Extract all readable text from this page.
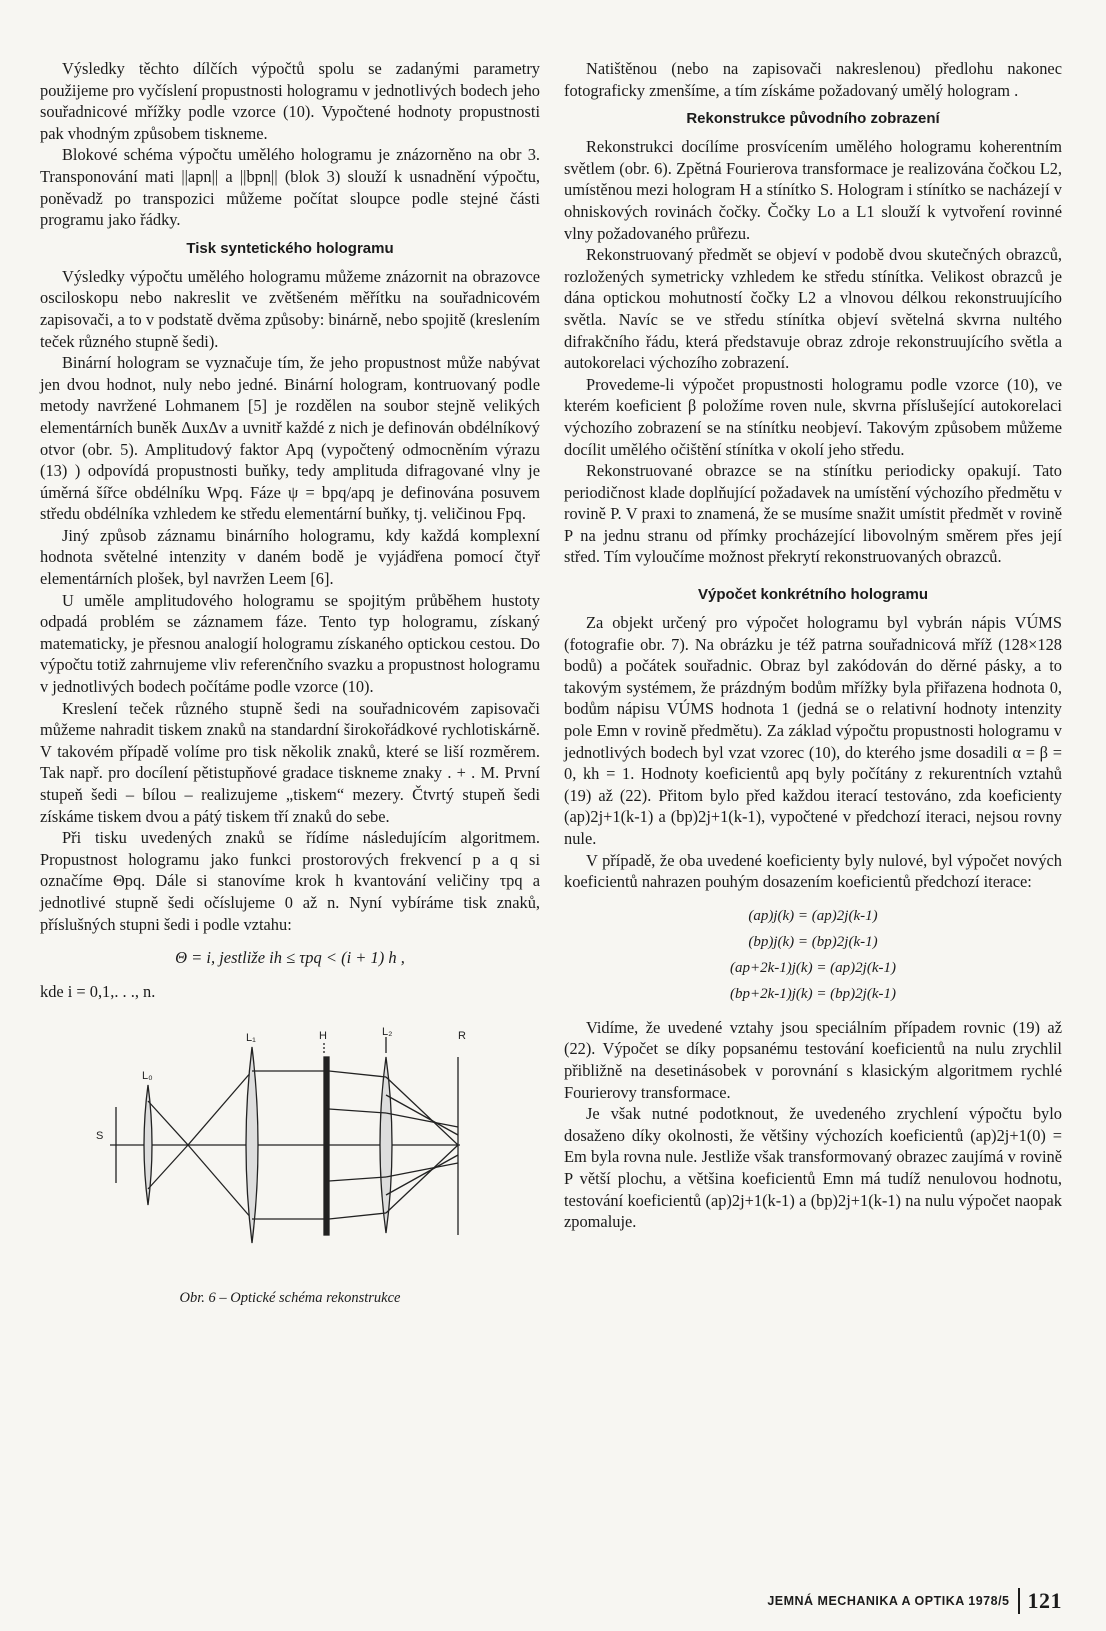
Výsledky těchto dílčích výpočtů spolu se zadanými parametry použijeme pro vyčíslení propustnosti hologramu v jednotlivých bodech jeho souřadnicové mřížky podle vzorce (10). Vypočtené hodnoty propustnosti pak vhodným způsobem tiskneme.

Blokové schéma výpočtu umělého hologramu je znázorněno na obr 3. Transponování mati ||apn|| a ||bpn|| (blok 3) slouží k usnadnění výpočtu, poněvadž po transpozici můžeme počítat sloupce podle stejné části programu jako řádky.

Tisk syntetického hologramu

Výsledky výpočtu umělého hologramu můžeme znázornit na obrazovce osciloskopu nebo nakreslit ve zvětšeném měřítku na souřadnicovém zapisovači, a to v podstatě dvěma způsoby: binárně, nebo spojitě (kreslením teček různého stupně šedi).

Binární hologram se vyznačuje tím, že jeho propustnost může nabývat jen dvou hodnot, nuly nebo jedné. Binární hologram, kontruovaný podle metody navržené Lohmanem [5] je rozdělen na soubor stejně velikých elementárních buněk ΔuxΔv a uvnitř každé z nich je definován obdélníkový otvor (obr. 5). Amplitudový faktor Apq (vypočtený odmocněním výrazu (13) ) odpovídá propustnosti buňky, tedy amplituda difragované vlny je úměrná šířce obdélníku Wpq. Fáze ψ = bpq/apq je definována posuvem středu obdélníka vzhledem ke středu elementární buňky, tj. veličinou Fpq.

Jiný způsob záznamu binárního hologramu, kdy každá komplexní hodnota světelné intenzity v daném bodě je vyjádřena pomocí čtyř elementárních plošek, byl navržen Leem [6].

U uměle amplitudového hologramu se spojitým průběhem hustoty odpadá problém se záznamem fáze. Tento typ hologramu, získaný matematicky, je přesnou analogií hologramu získaného optickou cestou. Do výpočtu totiž zahrnujeme vliv referenčního svazku a propustnost hologramu v jednotlivých bodech počítáme podle vzorce (10).

Kreslení teček různého stupně šedi na souřadnicovém zapisovači můžeme nahradit tiskem znaků na standardní širokořádkové rychlotiskárně. V takovém případě volíme pro tisk několik znaků, které se liší rozměrem. Tak např. pro docílení pětistupňové gradace tiskneme znaky . + . M. První stupeň šedi – bílou – realizujeme „tiskem“ mezery. Čtvrtý stupeň šedi získáme tiskem dvou a pátý tiskem tří znaků do sebe.

Při tisku uvedených znaků se řídíme následujícím algoritmem. Propustnost hologramu jako funkci prostorových frekvencí p a q si označíme Θpq. Dále si stanovíme krok h kvantování veličiny τpq a jednotlivé stupně šedi očíslujeme 0 až n. Nyní vybíráme tisk znaků, příslušných stupni šedi i podle vztahu:

Θ = i, jestliže ih ≤ τpq < (i + 1) h ,
kde i = 0,1,. . ., n.
L₀
L₁	H	L₂	R
S
Obr. 6 – Optické schéma rekonstrukce

Natištěnou (nebo na zapisovači nakreslenou) předlohu nakonec fotograficky zmenšíme, a tím získáme požadovaný umělý hologram .

Rekonstrukce původního zobrazení

Rekonstrukci docílíme prosvícením umělého hologramu koherentním světlem (obr. 6). Zpětná Fourierova transformace je realizována čočkou L2, umístěnou mezi hologram H a stínítko S. Hologram i stínítko se nacházejí v ohniskových rovinách čočky. Čočky Lo a L1 slouží k vytvoření rovinné vlny požadovaného průřezu.

Rekonstruovaný předmět se objeví v podobě dvou skutečných obrazců, rozložených symetricky vzhledem ke středu stínítka. Velikost obrazců je dána optickou mohutností čočky L2 a vlnovou délkou rekonstruujícího světla. Navíc se ve středu stínítka objeví světelná skvrna nultého difrakčního řádu, která představuje obraz zdroje rekonstruujícího světla a autokorelaci výchozího zobrazení.

Provedeme-li výpočet propustnosti hologramu podle vzorce (10), ve kterém koeficient β položíme roven nule, skvrna příslušející autokorelaci výchozího zobrazení se na stínítku neobjeví. Takovým způsobem můžeme docílit umělého očištění stínítka v okolí jeho středu.

Rekonstruované obrazce se na stínítku periodicky opakují. Tato periodičnost klade doplňující požadavek na umístění výchozího předmětu v rovině P. V praxi to znamená, že se musíme snažit umístit předmět v rovině P na jednu stranu od přímky procházející libovolným směrem přes její střed. Tím vyloučíme možnost překrytí rekonstruovaných obrazců.

Výpočet konkrétního hologramu

Za objekt určený pro výpočet hologramu byl vybrán nápis VÚMS (fotografie obr. 7). Na obrázku je též patrna souřadnicová mříž (128×128 bodů) a počátek souřadnic. Obraz byl zakódován do děrné pásky, a to takovým systémem, že prázdným bodům mřížky byla přiřazena hodnota 0, bodům nápisu VÚMS hodnota 1 (jedná se o relativní hodnoty intenzity pole Emn v rovině předmětu). Za základ výpočtu propustnosti hologramu v jednotlivých bodech byl vzat vzorec (10), do kterého jsme dosadili α = β = 0, kh = 1. Hodnoty koeficientů apq byly počítány z rekurentních vztahů (19) až (22). Přitom bylo před každou iterací testováno, zda koeficienty (ap)2j+1(k-1) a (bp)2j+1(k-1), vypočtené v předchozí iteraci, nejsou rovny nule.

V případě, že oba uvedené koeficienty byly nulové, byl výpočet nových koeficientů nahrazen pouhým dosazením koeficientů předchozí iterace:

(ap)j(k) = (ap)2j(k-1)
(bp)j(k) = (bp)2j(k-1)
(ap+2k-1)j(k) = (ap)2j(k-1)
(bp+2k-1)j(k) = (bp)2j(k-1)

Vidíme, že uvedené vztahy jsou speciálním případem rovnic (19) až (22). Výpočet se díky popsanému testování koeficientů na nulu zrychlil přibližně na desetinásobek v porovnání s klasickým algoritmem rychlé Fourierovy transformace.

Je však nutné podotknout, že uvedeného zrychlení výpočtu bylo dosaženo díky okolnosti, že většiny výchozích koeficientů (ap)2j+1(0) = Em byla rovna nule. Jestliže však transformovaný obrazec zaujímá v rovině P větší plochu, a většina koeficientů Emn má tudíž nenulovou hodnotu, testování koeficientů (ap)2j+1(k-1) a (bp)2j+1(k-1) na nulu výpočet naopak zpomaluje.

JEMNÁ MECHANIKA A OPTIKA 1978/5 121
